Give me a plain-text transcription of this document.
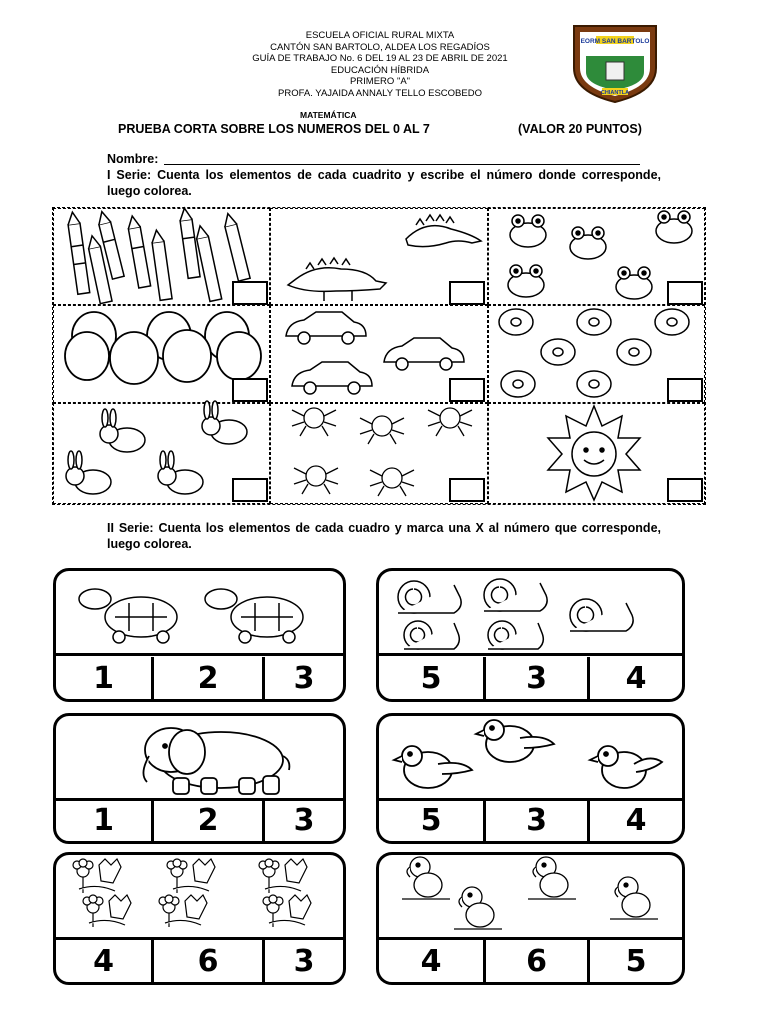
ESCUELA OFICIAL RURAL MIXTA
CANTÓN SAN BARTOLO, ALDEA LOS REGADÍOS
GUÍA DE TRABAJO No. 6 DEL 19 AL 23 DE ABRIL DE 2021
EDUCACIÓN HÍBRIDA
PRIMERO "A"
PROFA. YAJAIDA ANNALY TELLO ESCOBEDO
EORM SAN BARTOLO
CHIANTLA
MATEMÁTICA
PRUEBA CORTA SOBRE LOS NUMEROS DEL 0 AL 7	(VALOR 20 PUNTOS)
Nombre:
I Serie: Cuenta los elementos de cada cuadrito y escribe el número donde corresponde, luego colorea.
II Serie: Cuenta los elementos de cada cuadro y marca una X al número que corresponde, luego colorea.
1	2	3	5	3	4
1	2	3	5	3	4
4	6	3	4	6	5
